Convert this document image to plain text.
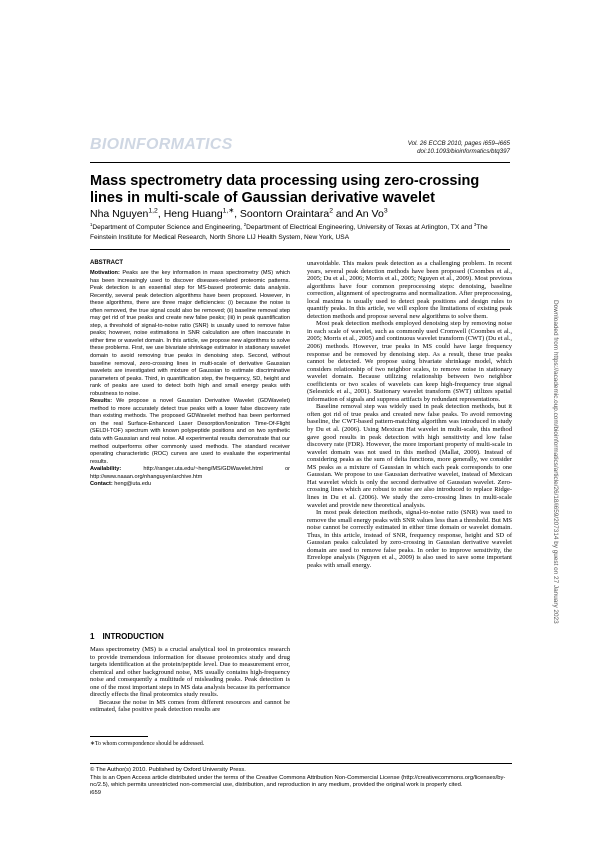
BIOINFORMATICS	Vol. 26 ECCB 2010, pages i659–i665
doi:10.1093/bioinformatics/btq397
Mass spectrometry data processing using zero-crossing lines in multi-scale of Gaussian derivative wavelet
Nha Nguyen$^{1,2}$, Heng Huang$^{1,∗}$, Soontorn Oraintara$^2$ and An Vo$^3$
$^1$Department of Computer Science and Engineering, $^2$Department of Electrical Engineering, University of Texas at Arlington, TX and $^3$The Feinstein Institute for Medical Research, North Shore LIJ Health System, New York, USA

ABSTRACT

Motivation: Peaks are the key information in mass spectrometry (MS) which has been increasingly used to discover diseases-related proteomic patterns. Peak detection is an essential step for MS-based proteomic data analysis. Recently, several peak detection algorithms have been proposed. However, in these algorithms, there are three major deficiencies: (i) because the noise is often removed, the true signal could also be removed; (ii) baseline removal step may get rid of true peaks and create new false peaks; (iii) in peak quantification step, a threshold of signal-to-noise ratio (SNR) is usually used to remove false peaks; however, noise estimations in SNR calculation are often inaccurate in either time or wavelet domain. In this article, we propose new algorithms to solve these problems. First, we use bivariate shrinkage estimator in stationary wavelet domain to avoid removing true peaks in denoising step. Second, without baseline removal, zero-crossing lines in multi-scale of derivative Gaussian wavelets are investigated with mixture of Gaussian to estimate discriminative parameters of peaks. Third, in quantification step, the frequency, SD, height and rank of peaks are used to detect both high and small energy peaks with robustness to noise.

Results: We propose a novel Gaussian Derivative Wavelet (GDWavelet) method to more accurately detect true peaks with a lower false discovery rate than existing methods. The proposed GDWavelet method has been performed on the real Surface-Enhanced Laser Desorption/Ionization Time-Of-Flight (SELDI-TOF) spectrum with known polypeptide positions and on two synthetic data with Gaussian and real noise. All experimental results demonstrate that our method outperforms other commonly used methods. The standard receiver operating characteristic (ROC) curves are used to evaluate the experimental results.

Availability: http://ranger.uta.edu/~heng/MS/GDWavelet.html or http://www.naaan.org/nhanguyen/archive.htm

Contact: heng@uta.edu

1 INTRODUCTION

Mass spectrometry (MS) is a crucial analytical tool in proteomics research to provide tremendous information for disease proteomics study and drug targets identification at the protein/peptide level. Due to measurement error, chemical and other background noise, MS usually contains high-frequency noise and consequently a multitude of misleading peaks. Peak detection is one of the most important steps in MS data analysis because its performance directly effects the final proteomics study results.

Because the noise in MS comes from different resources and cannot be estimated, false positive peak detection results are

∗To whom correspondence should be addressed.

unavoidable. This makes peak detection as a challenging problem. In recent years, several peak detection methods have been proposed (Coombes et al., 2005; Du et al., 2006; Morris et al., 2005; Nguyen et al., 2009). Most previous algorithms have four common preprocessing steps: denoising, baseline correction, alignment of spectrograms and normalization. After preprocessing, local maxima is usually used to detect peak positions and design rules to quantify peaks. In this article, we will explore the limitations of existing peak detection methods and propose several new algorithms to solve them.

Most peak detection methods employed denoising step by removing noise in each scale of wavelet, such as commonly used Cromwell (Coombes et al., 2005; Morris et al., 2005) and continuous wavelet transform (CWT) (Du et al., 2006) methods. However, true peaks in MS could have large frequency response and be removed by denoising step. As a result, these true peaks cannot be detected. We propose using bivariate shrinkage model, which considers relationship of two neighbor scales, to remove noise in stationary wavelet domain. Because utilizing relationship between two neighbor coefficients or two scales of wavelets can keep high-frequency true signal (Selesnick et al., 2001). Stationary wavelet transform (SWT) utilizes spatial information of signals and suppress artifacts by redundant representations.

Baseline removal step was widely used in peak detection methods, but it often got rid of true peaks and created new false peaks. To avoid removing baseline, the CWT-based pattern-matching algorithm was introduced in study by Du et al. (2006). Using Mexican Hat wavelet in multi-scale, this method gave good results in peak detection with high sensitivity and low false discovery rate (FDR). However, the more important property of multi-scale in wavelet domain was not used in this method (Mallat, 2009). Instead of considering peaks as the sum of delta functions, more generally, we consider MS peaks as a mixture of Gaussian in which each peak corresponds to one Gaussian. We propose to use Gaussian derivative wavelet, instead of Mexican Hat wavelet which is only the second derivative of Gaussian wavelet. Zero-crossing lines which are robust to noise are also introduced to replace Ridge-lines in Du et al. (2006). We study the zero-crossing lines in multi-scale wavelet and provide new theoretical analysis.

In most peak detection methods, signal-to-noise ratio (SNR) was used to remove the small energy peaks with SNR values less than a threshold. But MS noise cannot be correctly estimated in either time domain or wavelet domain. Thus, in this article, instead of SNR, frequency response, height and SD of Gaussian peaks calculated by zero-crossing in Gaussian derivative wavelet domain are used to remove false peaks. In order to improve sensitivity, the Envelope analysis (Nguyen et al., 2009) is also used to save some important peaks with small energy.

© The Author(s) 2010. Published by Oxford University Press.
This is an Open Access article distributed under the terms of the Creative Commons Attribution Non-Commercial License (http://creativecommons.org/licenses/by-nc/2.5), which permits unrestricted non-commercial use, distribution, and reproduction in any medium, provided the original work is properly cited.
i659
Downloaded from https://academic.oup.com/bioinformatics/article/26/18/i659/207314 by guest on 27 January 2023
